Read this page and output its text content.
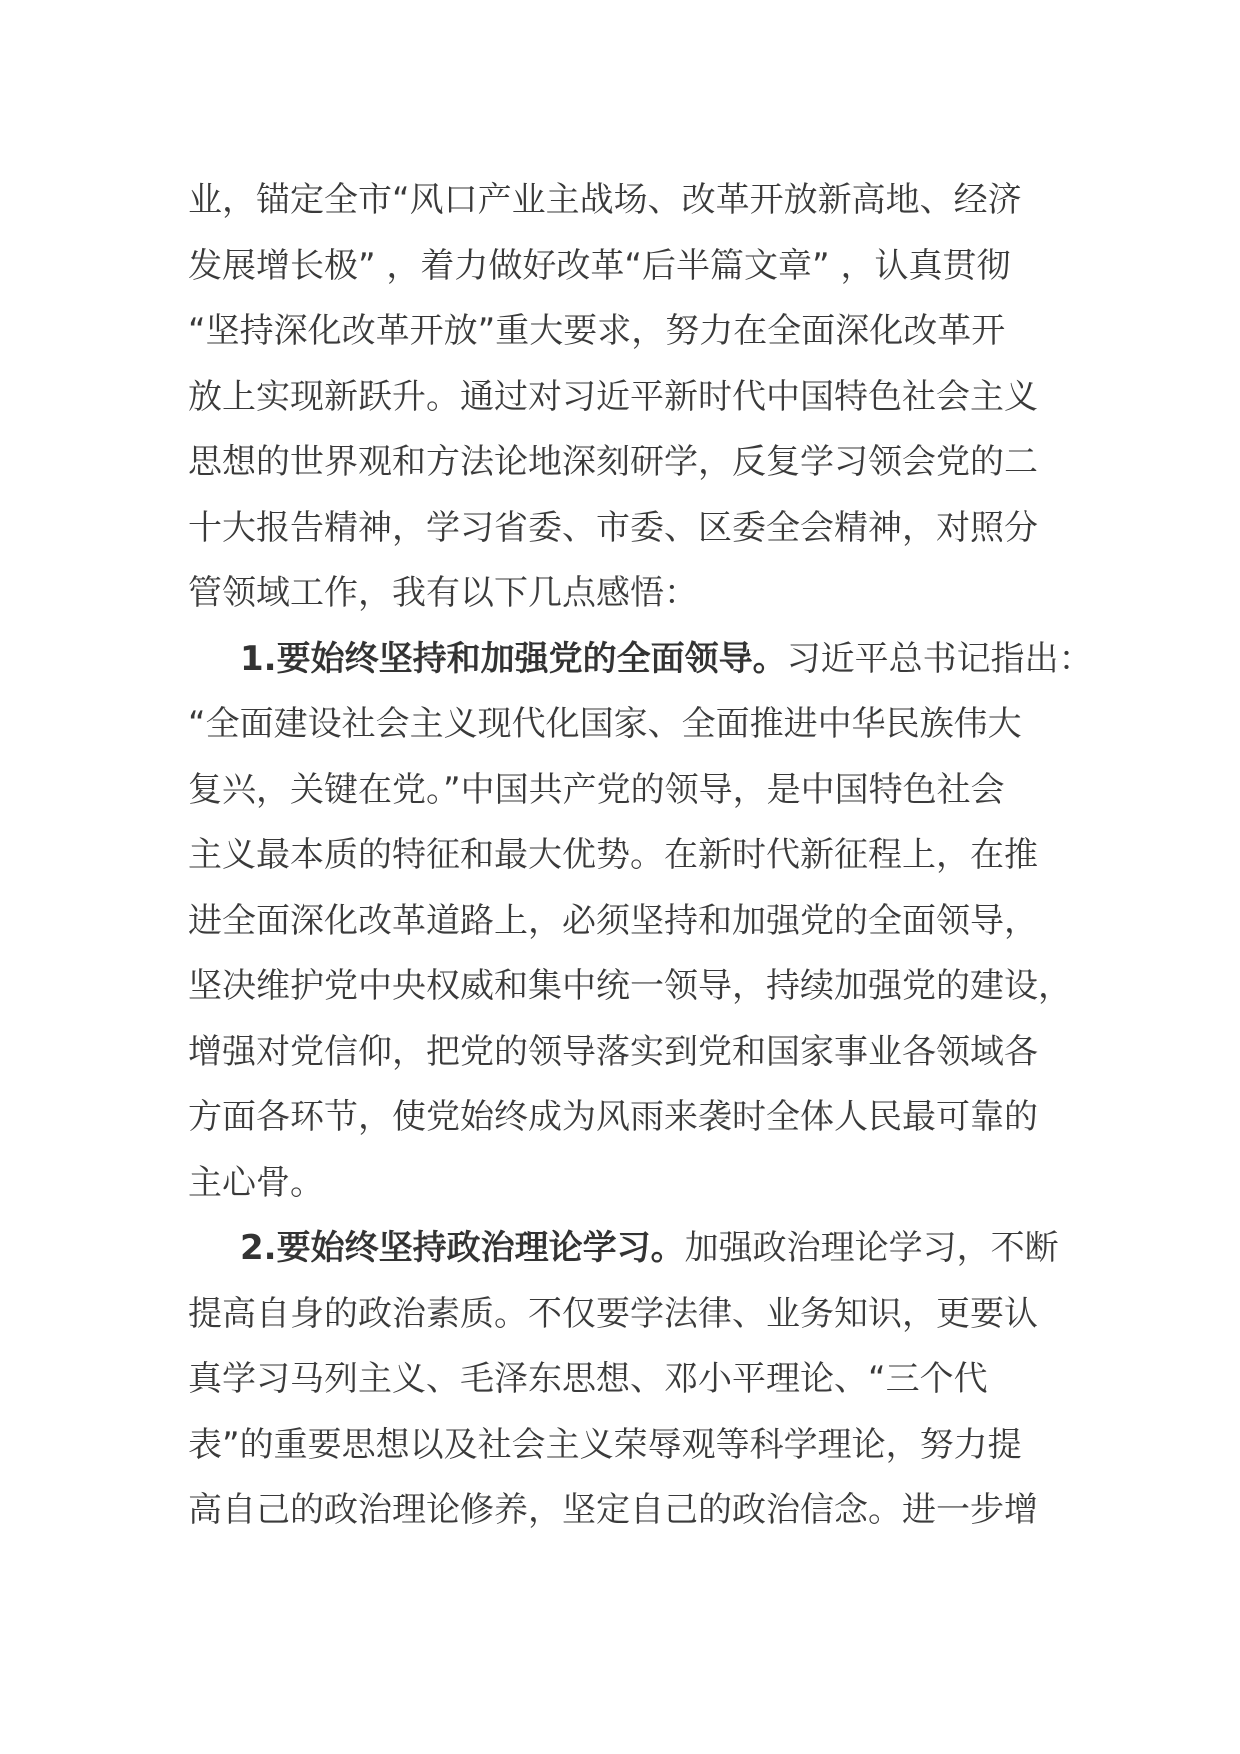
业，锚定全市“风口产业主战场、改革开放新高地、经济
发展增长极” ，着力做好改革“后半篇文章” ，认真贯彻
“坚持深化改革开放”重大要求，努力在全面深化改革开
放上实现新跃升。通过对习近平新时代中国特色社会主义
思想的世界观和方法论地深刻研学，反复学习领会党的二
十大报告精神，学习省委、市委、区委全会精神，对照分
管领域工作，我有以下几点感悟：
1.要始终坚持和加强党的全面领导。习近平总书记指出：
“全面建设社会主义现代化国家、全面推进中华民族伟大
复兴，关键在党。”中国共产党的领导，是中国特色社会
主义最本质的特征和最大优势。在新时代新征程上，在推
进全面深化改革道路上，必须坚持和加强党的全面领导，
坚决维护党中央权威和集中统一领导，持续加强党的建设，
增强对党信仰，把党的领导落实到党和国家事业各领域各
方面各环节，使党始终成为风雨来袭时全体人民最可靠的
主心骨。
2.要始终坚持政治理论学习。加强政治理论学习，不断
提高自身的政治素质。不仅要学法律、业务知识，更要认
真学习马列主义、毛泽东思想、邓小平理论、“三个代
表”的重要思想以及社会主义荣辱观等科学理论，努力提
高自己的政治理论修养，坚定自己的政治信念。进一步增
